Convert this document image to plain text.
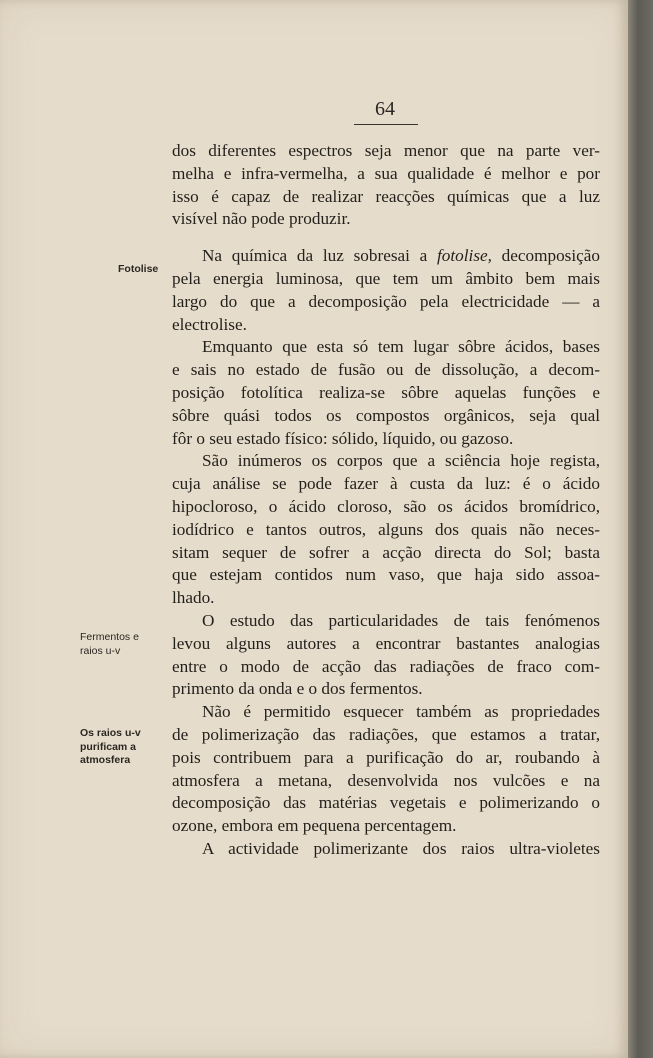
64
Fotolise
Fermentos e
raios u-v
Os raios u-v
purificam a
atmosfera

dos diferentes espectros seja menor que na parte ver-
melha e infra-vermelha, a sua qualidade é melhor e por
isso é capaz de realizar reacções químicas que a luz
visível não pode produzir.

Na química da luz sobresai a fotolise, decomposição
pela energia luminosa, que tem um âmbito bem mais
largo do que a decomposição pela electricidade — a
electrolise.

Emquanto que esta só tem lugar sôbre ácidos, bases
e sais no estado de fusão ou de dissolução, a decom-
posição fotolítica realiza-se sôbre aquelas funções e
sôbre quási todos os compostos orgânicos, seja qual
fôr o seu estado físico: sólido, líquido, ou gazoso.

São inúmeros os corpos que a sciência hoje regista,
cuja análise se pode fazer à custa da luz: é o ácido
hipocloroso, o ácido cloroso, são os ácidos bromídrico,
iodídrico e tantos outros, alguns dos quais não neces-
sitam sequer de sofrer a acção directa do Sol; basta
que estejam contidos num vaso, que haja sido assoa-
lhado.

O estudo das particularidades de tais fenómenos
levou alguns autores a encontrar bastantes analogias
entre o modo de acção das radiações de fraco com-
primento da onda e o dos fermentos.

Não é permitido esquecer também as propriedades
de polimerização das radiações, que estamos a tratar,
pois contribuem para a purificação do ar, roubando à
atmosfera a metana, desenvolvida nos vulcões e na
decomposição das matérias vegetais e polimerizando o
ozone, embora em pequena percentagem.

A actividade polimerizante dos raios ultra-violetes
